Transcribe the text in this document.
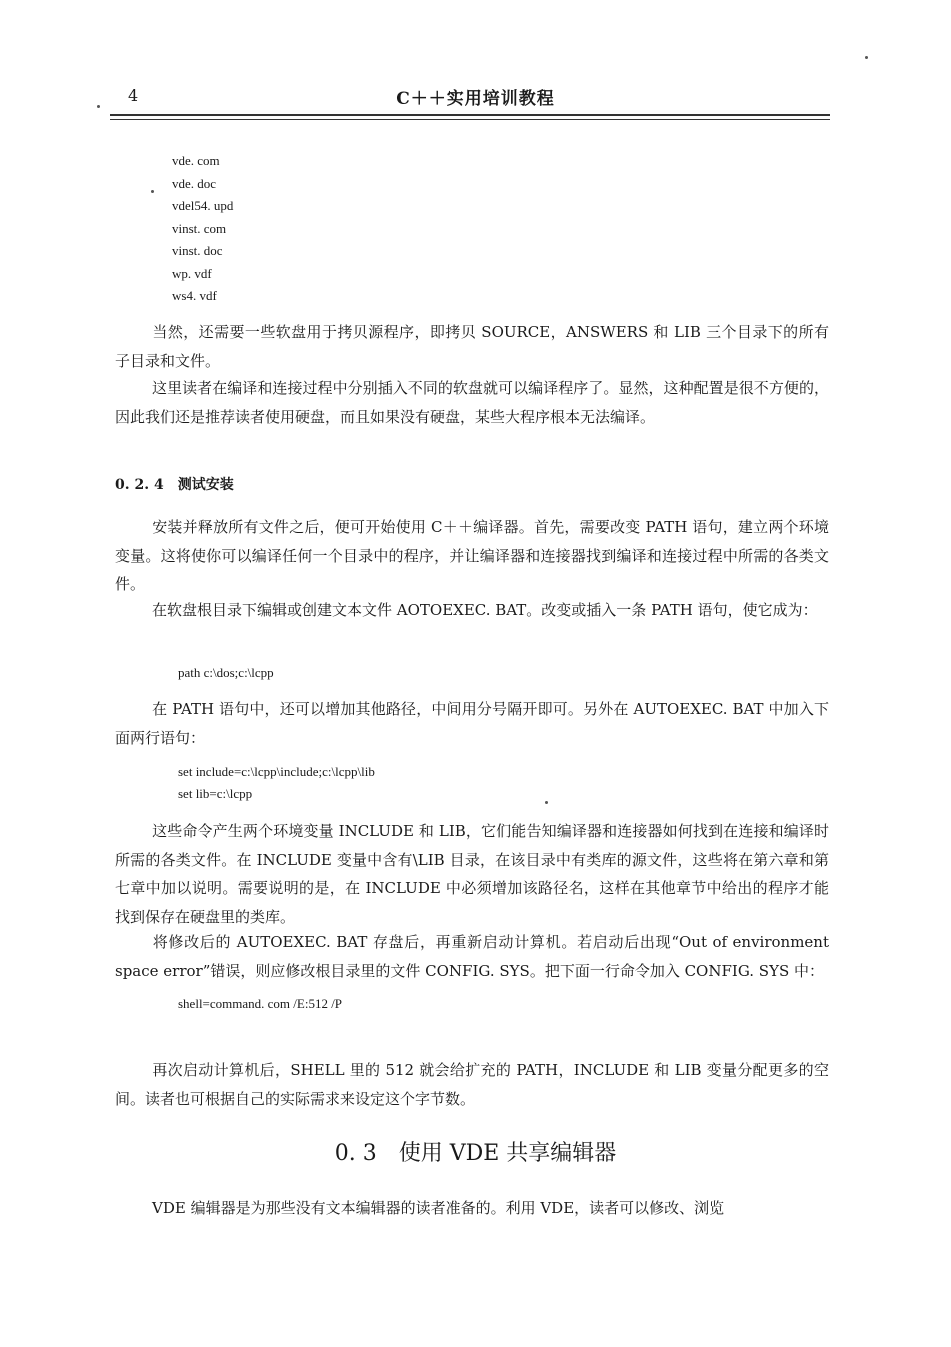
4	C＋＋实用培训教程
vde. com
vde. doc
vdel54. upd
vinst. com
vinst. doc
wp. vdf
ws4. vdf
当然，还需要一些软盘用于拷贝源程序，即拷贝 SOURCE，ANSWERS 和 LIB 三个目录下的所有子目录和文件。
这里读者在编译和连接过程中分别插入不同的软盘就可以编译程序了。显然，这种配置是很不方便的，因此我们还是推荐读者使用硬盘，而且如果没有硬盘，某些大程序根本无法编译。
0. 2. 4　测试安装
安装并释放所有文件之后，便可开始使用 C＋＋编译器。首先，需要改变 PATH 语句，建立两个环境变量。这将使你可以编译任何一个目录中的程序，并让编译器和连接器找到编译和连接过程中所需的各类文件。
在软盘根目录下编辑或创建文本文件 AOTOEXEC. BAT。改变或插入一条 PATH 语句，使它成为：
path c:\dos;c:\lcpp
在 PATH 语句中，还可以增加其他路径，中间用分号隔开即可。另外在 AUTOEXEC. BAT 中加入下面两行语句：
set include=c:\lcpp\include;c:\lcpp\lib
set lib=c:\lcpp
这些命令产生两个环境变量 INCLUDE 和 LIB，它们能告知编译器和连接器如何找到在连接和编译时所需的各类文件。在 INCLUDE 变量中含有\LIB 目录，在该目录中有类库的源文件，这些将在第六章和第七章中加以说明。需要说明的是，在 INCLUDE 中必须增加该路径名，这样在其他章节中给出的程序才能找到保存在硬盘里的类库。
将修改后的 AUTOEXEC. BAT 存盘后，再重新启动计算机。若启动后出现“Out of environment space error”错误，则应修改根目录里的文件 CONFIG. SYS。把下面一行命令加入 CONFIG. SYS 中：
shell=command. com /E:512 /P
再次启动计算机后，SHELL 里的 512 就会给扩充的 PATH，INCLUDE 和 LIB 变量分配更多的空间。读者也可根据自己的实际需求来设定这个字节数。
0. 3　使用 VDE 共享编辑器
VDE 编辑器是为那些没有文本编辑器的读者准备的。利用 VDE，读者可以修改、浏览
